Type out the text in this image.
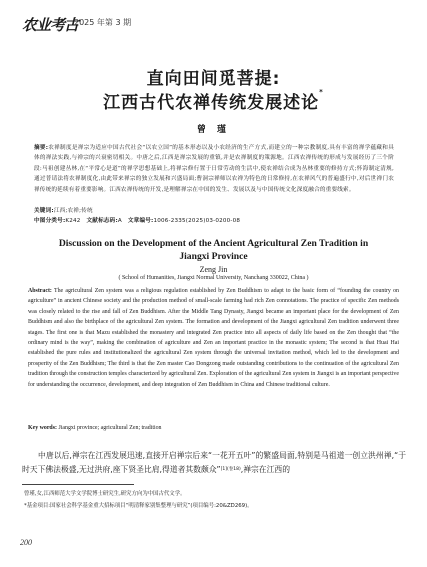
农业考古
2025 年第 3 期
直向田间觅菩提:
江西古代农禅传统发展述论*
曾 瑾
摘要:农禅制度是禅宗为适应中国古代社会“以农立国”的基本形态以及小农经济的生产方式,而建立的一种宗教制度,具有丰富的禅学蕴藏和具体的禅法实践,与禅宗的兴衰密切相关。中唐之后,江西是禅宗发展的重镇,并是农禅制度的策源地。江西农禅传统的形成与发展经历了三个阶段:马祖创建丛林,在“平常心是道”的禅学思想基础上,将禅宗修行置于日常劳动的生活中,使农禅结合成为丛林重要的修持方式;怀海制定清规,通过普请法将农禅制度化,由此带来禅宗的独立发展和兴盛局面;曹洞宗禅师以农禅为特色的日常修持,在农禅风气的普遍盛行中,对后世禅门农禅传统的延续有着重要影响。江西农禅传统的开发,是理解禅宗在中国的发生、发展以及与中国传统文化深度融合的重要线索。
关键词:江西;农禅;传统
中图分类号:K242 文献标志码:A 文章编号:1006-2335(2025)03-0200-08
Discussion on the Development of the Ancient Agricultural Zen Tradition in
Jiangxi Province
Zeng Jin
( School of Humanities, Jiangxi Normal University, Nanchang 330022, China )
Abstract: The agricultural Zen system was a religious regulation established by Zen Buddhism to adapt to the basic form of “founding the country on agriculture” in ancient Chinese society and the production method of small-scale farming had rich Zen connotations. The practice of specific Zen methods was closely related to the rise and fall of Zen Buddhism. After the Middle Tang Dynasty, Jiangxi became an important place for the development of Zen Buddhism and also the birthplace of the agricultural Zen system. The formation and development of the Jiangxi agricultural Zen tradition underwent three stages. The first one is that Mazu established the monastery and integrated Zen practice into all aspects of daily life based on the Zen thought that “the ordinary mind is the way”, making the combination of agriculture and Zen an important practice in the monastic system; The second is that Huai Hai established the pure rules and institutionalized the agricultural Zen system through the universal invitation method, which led to the development and prosperity of the Zen Buddhism; The third is that the Zen master Cao Dongzong made outstanding contributions to the continuation of the agricultural Zen tradition through the construction temples characterized by agricultural Zen. Exploration of the agricultural Zen system in Jiangxi is an important perspective for understanding the occurrence, development, and deep integration of Zen Buddhism in China and Chinese traditional culture.
Key words: Jiangxi province; agricultural Zen; tradition
中唐以后,禅宗在江西发展迅速,直接开启禅宗后来“一花开五叶”的繁盛局面,特别是马祖道一创立洪州禅,“于时天下佛法极盛,无过洪府,座下贤圣比肩,得道者其数颇众”$^{[1](卷18)}$,禅宗在江西的
曾瑾,女,江西师范大学文学院博士研究生,研究方向为中国古代文学。
*基金项目:国家社会科学基金重大招标项目“明清释家别集整理与研究”(项目编号:20&ZD269)。
200
